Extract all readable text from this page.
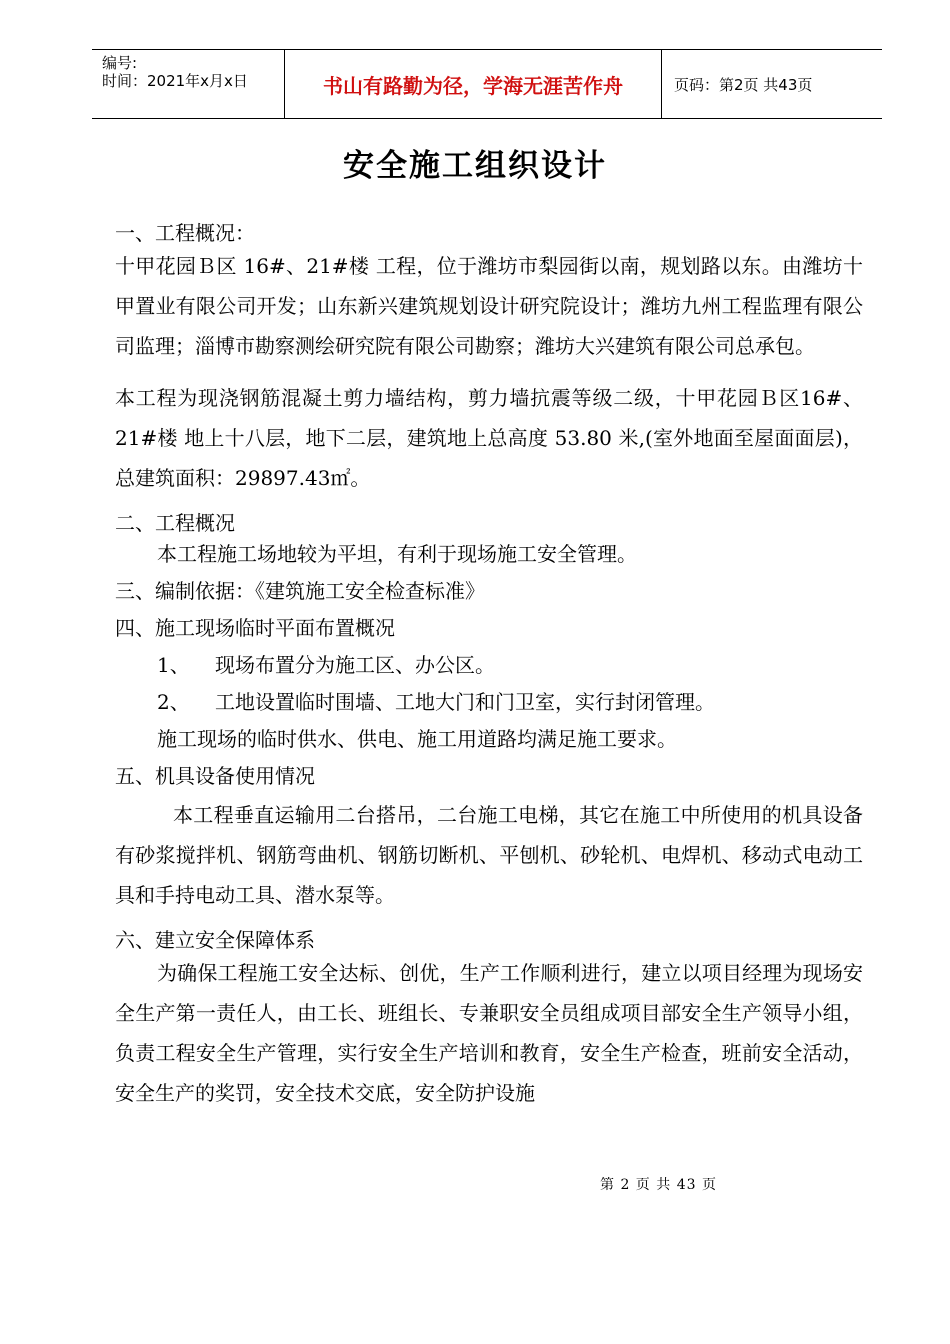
编号:
时间：2021年x月x日	书山有路勤为径，学海无涯苦作舟	页码：第2页 共43页
安全施工组织设计

一、工程概况：

十甲花园Ｂ区 16#、21#楼 工程，位于潍坊市梨园街以南，规划路以东。由潍坊十甲置业有限公司开发；山东新兴建筑规划设计研究院设计；潍坊九州工程监理有限公司监理；淄博市勘察测绘研究院有限公司勘察；潍坊大兴建筑有限公司总承包。

本工程为现浇钢筋混凝土剪力墙结构，剪力墙抗震等级二级，十甲花园Ｂ区16#、21#楼 地上十八层，地下二层，建筑地上总高度 53.80 米,(室外地面至屋面面层)，总建筑面积：29897.43㎡。

二、工程概况

本工程施工场地较为平坦，有利于现场施工安全管理。

三、编制依据：《建筑施工安全检查标准》

四、施工现场临时平面布置概况

1、	现场布置分为施工区、办公区。
2、	工地设置临时围墙、工地大门和门卫室，实行封闭管理。

施工现场的临时供水、供电、施工用道路均满足施工要求。

五、机具设备使用情况

本工程垂直运输用二台搭吊，二台施工电梯，其它在施工中所使用的机具设备有砂浆搅拌机、钢筋弯曲机、钢筋切断机、平刨机、砂轮机、电焊机、移动式电动工具和手持电动工具、潜水泵等。

六、建立安全保障体系

为确保工程施工安全达标、创优，生产工作顺利进行，建立以项目经理为现场安全生产第一责任人，由工长、班组长、专兼职安全员组成项目部安全生产领导小组，负责工程安全生产管理，实行安全生产培训和教育，安全生产检查，班前安全活动，安全生产的奖罚，安全技术交底，安全防护设施

第 2 页 共 43 页
